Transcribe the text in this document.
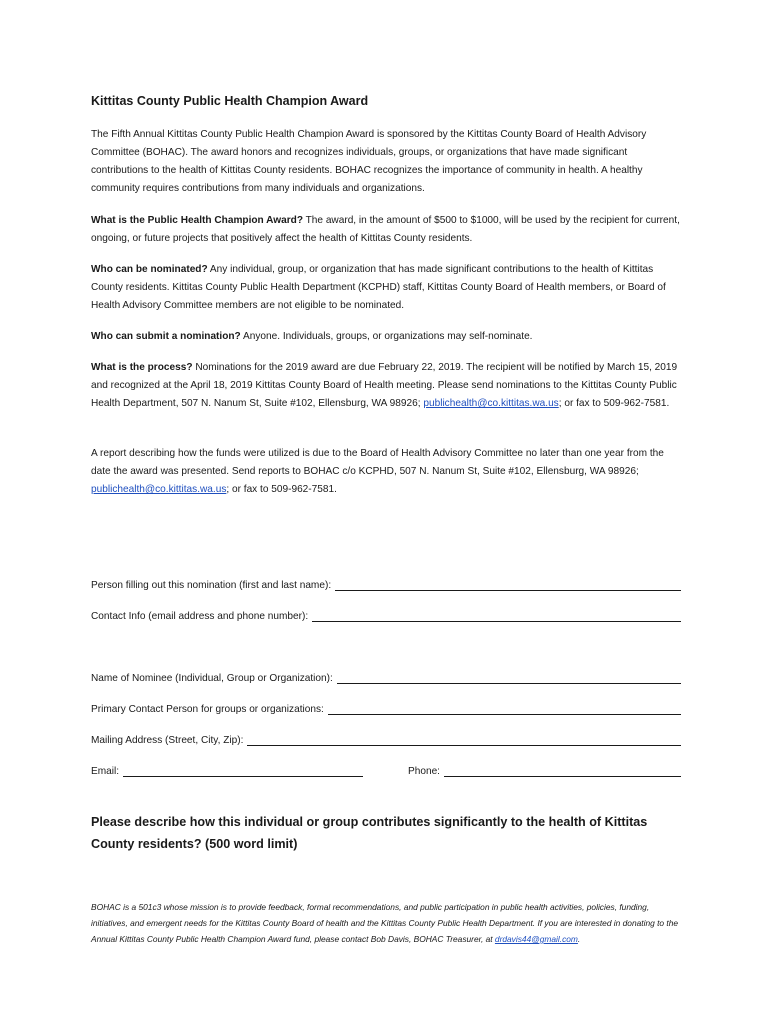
Kittitas County Public Health Champion Award

The Fifth Annual Kittitas County Public Health Champion Award is sponsored by the Kittitas County Board of Health Advisory Committee (BOHAC). The award honors and recognizes individuals, groups, or organizations that have made significant contributions to the health of Kittitas County residents. BOHAC recognizes the importance of community in health. A healthy community requires contributions from many individuals and organizations.

What is the Public Health Champion Award? The award, in the amount of $500 to $1000, will be used by the recipient for current, ongoing, or future projects that positively affect the health of Kittitas County residents.

Who can be nominated? Any individual, group, or organization that has made significant contributions to the health of Kittitas County residents. Kittitas County Public Health Department (KCPHD) staff, Kittitas County Board of Health members, or Board of Health Advisory Committee members are not eligible to be nominated.

Who can submit a nomination? Anyone. Individuals, groups, or organizations may self-nominate.

What is the process? Nominations for the 2019 award are due February 22, 2019. The recipient will be notified by March 15, 2019 and recognized at the April 18, 2019 Kittitas County Board of Health meeting. Please send nominations to the Kittitas County Public Health Department, 507 N. Nanum St, Suite #102, Ellensburg, WA 98926; publichealth@co.kittitas.wa.us; or fax to 509-962-7581.

A report describing how the funds were utilized is due to the Board of Health Advisory Committee no later than one year from the date the award was presented. Send reports to BOHAC c/o KCPHD, 507 N. Nanum St, Suite #102, Ellensburg, WA 98926; publichealth@co.kittitas.wa.us; or fax to 509-962-7581.

Person filling out this nomination (first and last name):
Contact Info (email address and phone number):
Name of Nominee (Individual, Group or Organization):
Primary Contact Person for groups or organizations:
Mailing Address (Street, City, Zip):
Email:	Phone:

Please describe how this individual or group contributes significantly to the health of Kittitas County residents? (500 word limit)

BOHAC is a 501c3 whose mission is to provide feedback, formal recommendations, and public participation in public health activities, policies, funding, initiatives, and emergent needs for the Kittitas County Board of health and the Kittitas County Public Health Department. If you are interested in donating to the Annual Kittitas County Public Health Champion Award fund, please contact Bob Davis, BOHAC Treasurer, at drdavis44@gmail.com.
